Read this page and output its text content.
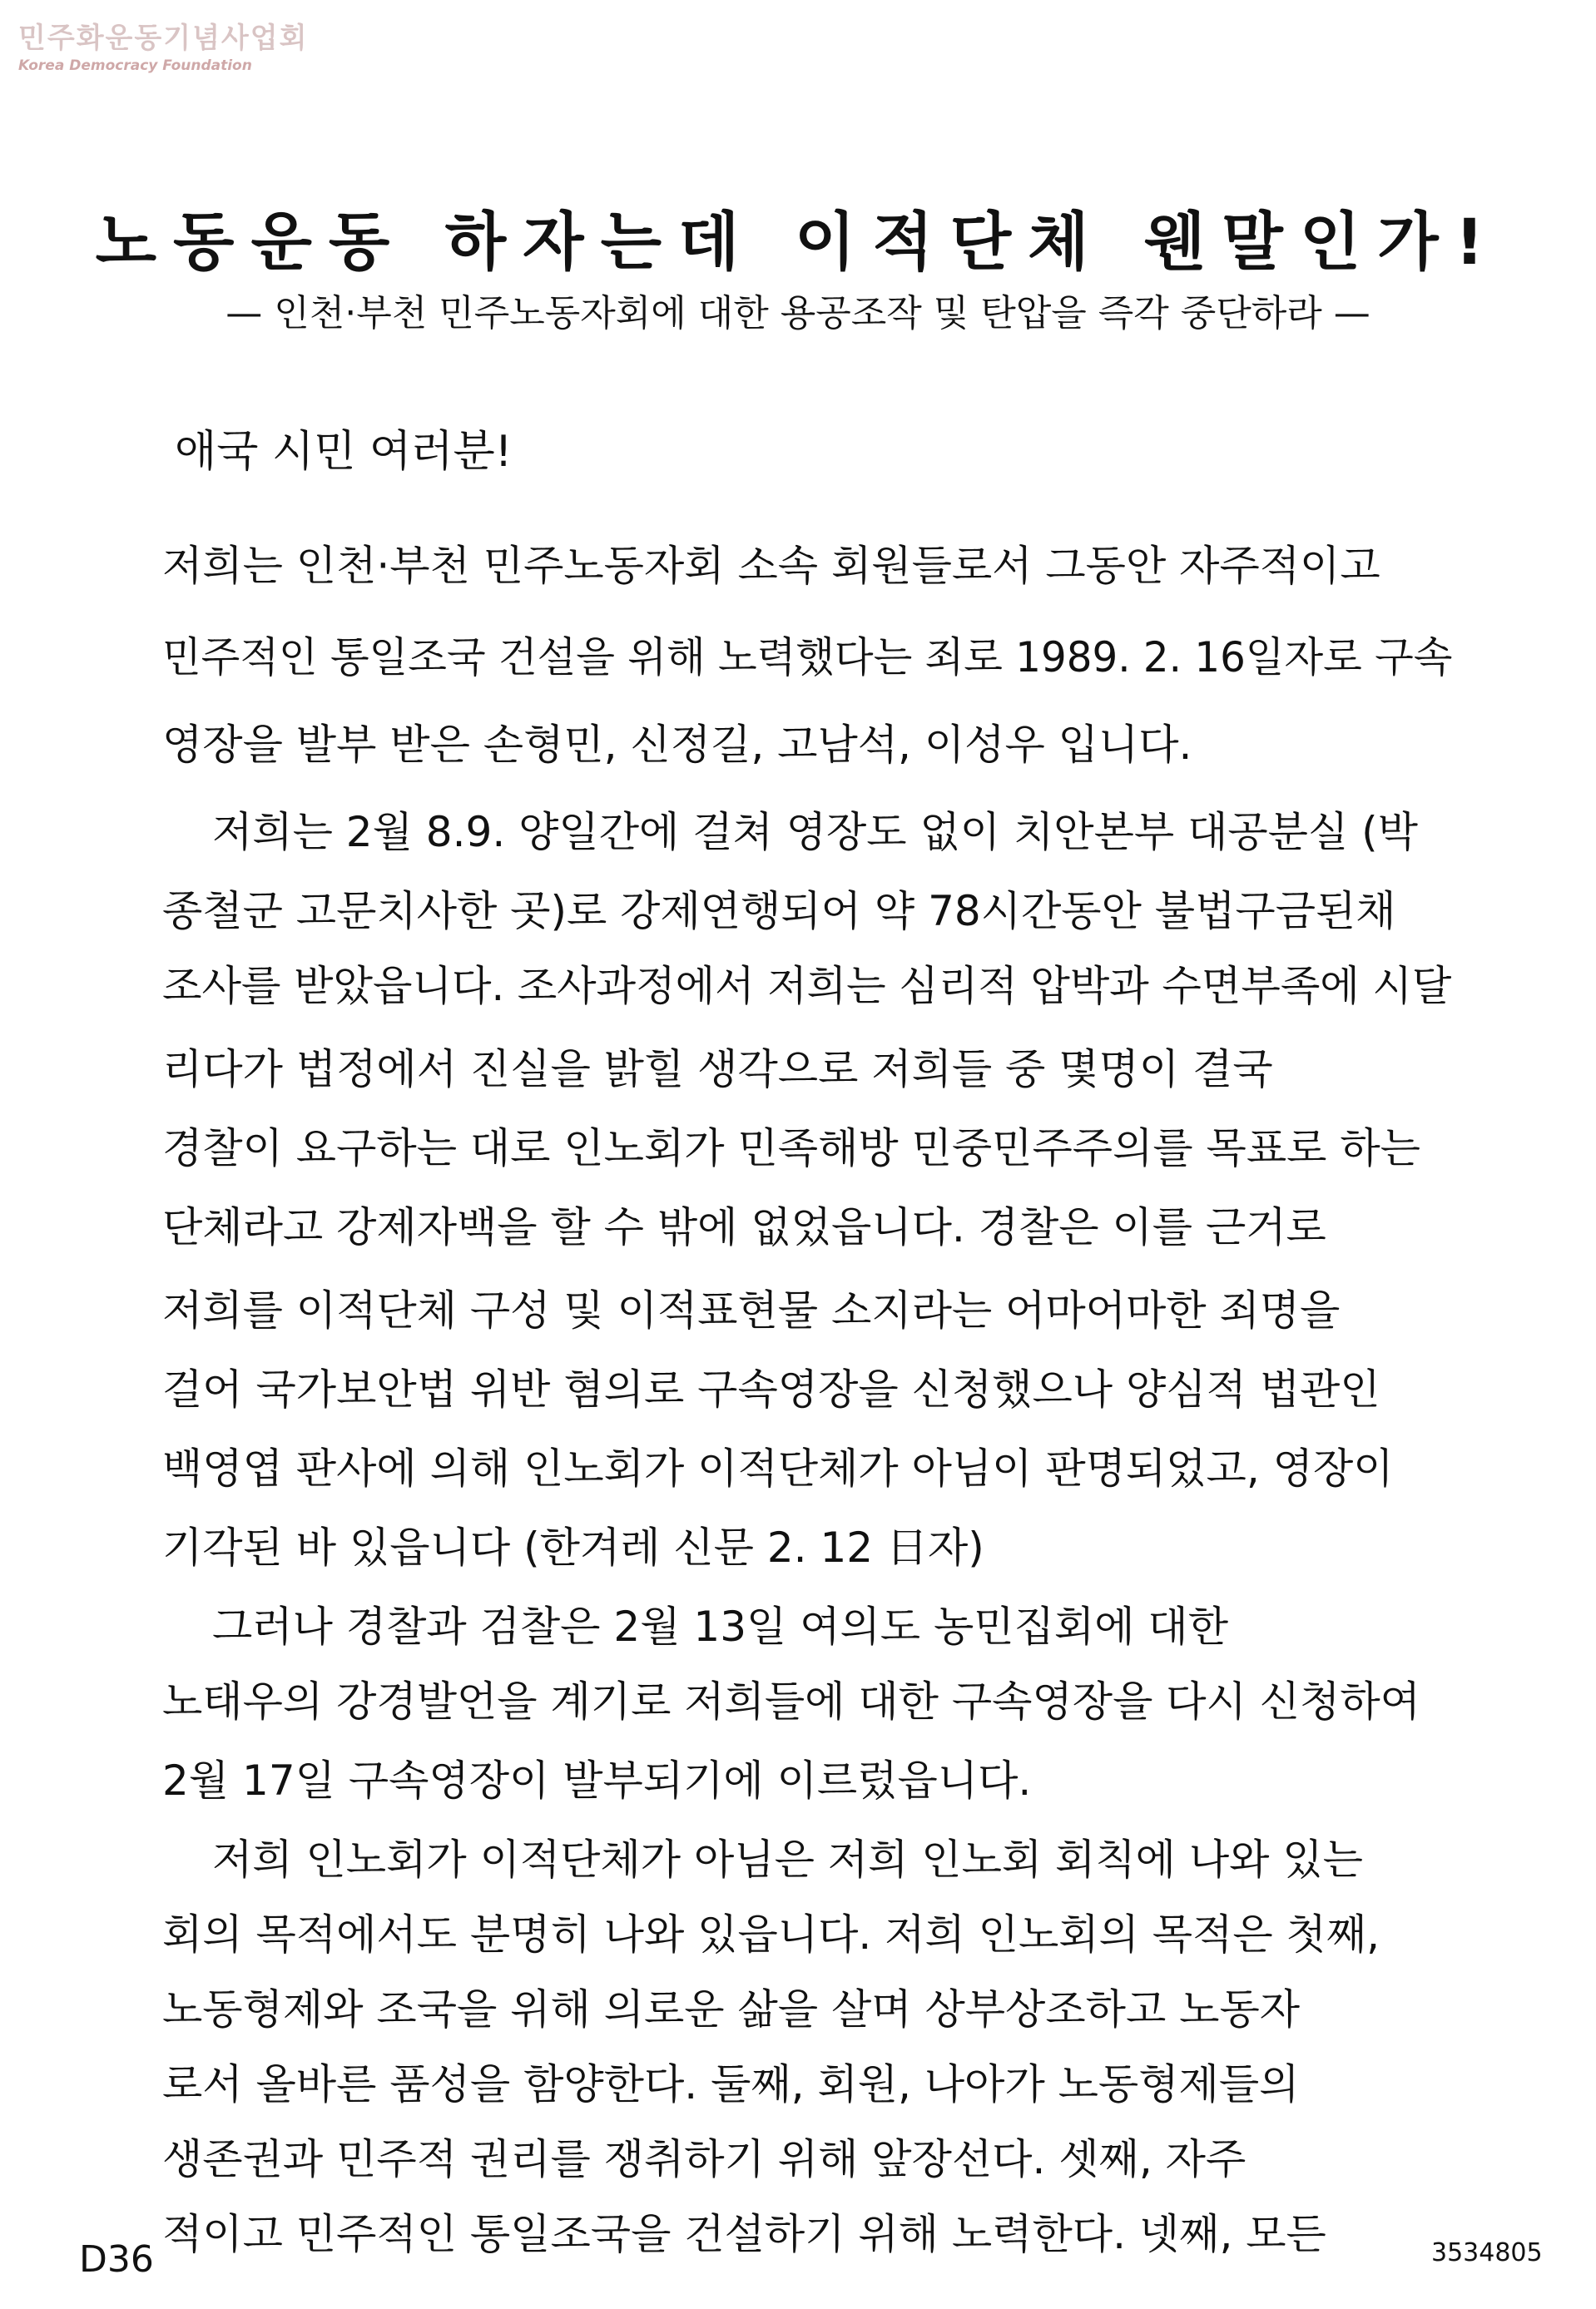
민주화운동기념사업회
Korea Democracy Foundation
노동운동 하자는데 이적단체 웬말인가!
— 인천·부천 민주노동자회에 대한 용공조작 및 탄압을 즉각 중단하라 —
애국 시민 여러분!
저희는 인천·부천 민주노동자회 소속 회원들로서 그동안 자주적이고
민주적인 통일조국 건설을 위해 노력했다는 죄로 1989. 2. 16일자로 구속
영장을 발부 받은 손형민, 신정길, 고남석, 이성우 입니다.
저희는 2월 8.9. 양일간에 걸쳐 영장도 없이 치안본부 대공분실 (박
종철군 고문치사한 곳)로 강제연행되어 약 78시간동안 불법구금된채
조사를 받았읍니다. 조사과정에서 저희는 심리적 압박과 수면부족에 시달
리다가 법정에서 진실을 밝힐 생각으로 저희들 중 몇명이 결국
경찰이 요구하는 대로 인노회가 민족해방 민중민주주의를 목표로 하는
단체라고 강제자백을 할 수 밖에 없었읍니다. 경찰은 이를 근거로
저희를 이적단체 구성 및 이적표현물 소지라는 어마어마한 죄명을
걸어 국가보안법 위반 혐의로 구속영장을 신청했으나 양심적 법관인
백영엽 판사에 의해 인노회가 이적단체가 아님이 판명되었고, 영장이
기각된 바 있읍니다 (한겨레 신문 2. 12 日자)
그러나 경찰과 검찰은 2월 13일 여의도 농민집회에 대한
노태우의 강경발언을 계기로 저희들에 대한 구속영장을 다시 신청하여
2월 17일 구속영장이 발부되기에 이르렀읍니다.
저희 인노회가 이적단체가 아님은 저희 인노회 회칙에 나와 있는
회의 목적에서도 분명히 나와 있읍니다. 저희 인노회의 목적은 첫째,
노동형제와 조국을 위해 의로운 삶을 살며 상부상조하고 노동자
로서 올바른 품성을 함양한다. 둘째, 회원, 나아가 노동형제들의
생존권과 민주적 권리를 쟁취하기 위해 앞장선다. 셋째, 자주
적이고 민주적인 통일조국을 건설하기 위해 노력한다. 넷째, 모든
D36	3534805
